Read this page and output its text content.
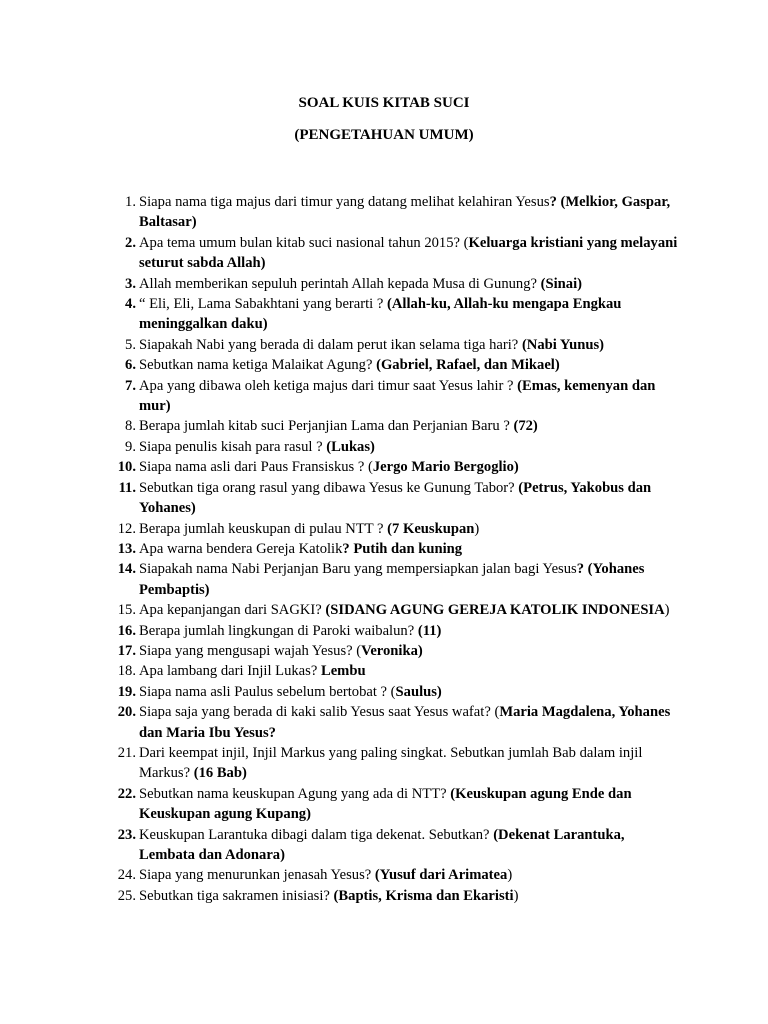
SOAL KUIS KITAB SUCI
(PENGETAHUAN UMUM)
1. Siapa nama tiga majus dari timur yang datang melihat kelahiran Yesus? (Melkior, Gaspar, Baltasar)
2. Apa tema umum bulan kitab suci nasional tahun 2015? (Keluarga kristiani yang melayani seturut sabda Allah)
3. Allah memberikan sepuluh perintah Allah kepada Musa di Gunung? (Sinai)
4. “ Eli, Eli, Lama Sabakhtani yang berarti ? (Allah-ku, Allah-ku mengapa Engkau meninggalkan daku)
5. Siapakah Nabi yang berada di dalam perut ikan selama tiga hari? (Nabi Yunus)
6. Sebutkan nama ketiga Malaikat Agung? (Gabriel, Rafael, dan Mikael)
7. Apa yang dibawa oleh ketiga majus dari timur saat Yesus lahir ? (Emas, kemenyan dan mur)
8. Berapa jumlah kitab suci Perjanjian Lama dan Perjanian Baru ? (72)
9. Siapa penulis kisah para rasul ? (Lukas)
10. Siapa nama asli dari Paus Fransiskus ? (Jergo Mario Bergoglio)
11. Sebutkan tiga orang rasul yang dibawa Yesus ke Gunung Tabor? (Petrus, Yakobus dan Yohanes)
12. Berapa jumlah keuskupan di pulau NTT ? (7 Keuskupan)
13. Apa warna bendera Gereja Katolik? Putih dan kuning
14. Siapakah nama Nabi Perjanjan Baru yang mempersiapkan jalan bagi Yesus? (Yohanes Pembaptis)
15. Apa kepanjangan dari SAGKI? (SIDANG AGUNG GEREJA KATOLIK INDONESIA)
16. Berapa jumlah lingkungan di Paroki waibalun? (11)
17. Siapa yang mengusapi wajah Yesus? (Veronika)
18. Apa lambang dari Injil Lukas? Lembu
19. Siapa nama asli Paulus sebelum bertobat ? (Saulus)
20. Siapa saja yang berada di kaki salib Yesus saat Yesus wafat? (Maria Magdalena, Yohanes dan Maria Ibu Yesus?
21. Dari keempat injil, Injil Markus yang paling singkat. Sebutkan jumlah Bab dalam injil Markus? (16 Bab)
22. Sebutkan nama keuskupan Agung yang ada di NTT? (Keuskupan agung Ende dan Keuskupan agung Kupang)
23. Keuskupan Larantuka dibagi dalam tiga dekenat. Sebutkan? (Dekenat Larantuka, Lembata dan Adonara)
24. Siapa yang menurunkan jenasah Yesus? (Yusuf dari Arimatea)
25. Sebutkan tiga sakramen inisiasi? (Baptis, Krisma dan Ekaristi)
